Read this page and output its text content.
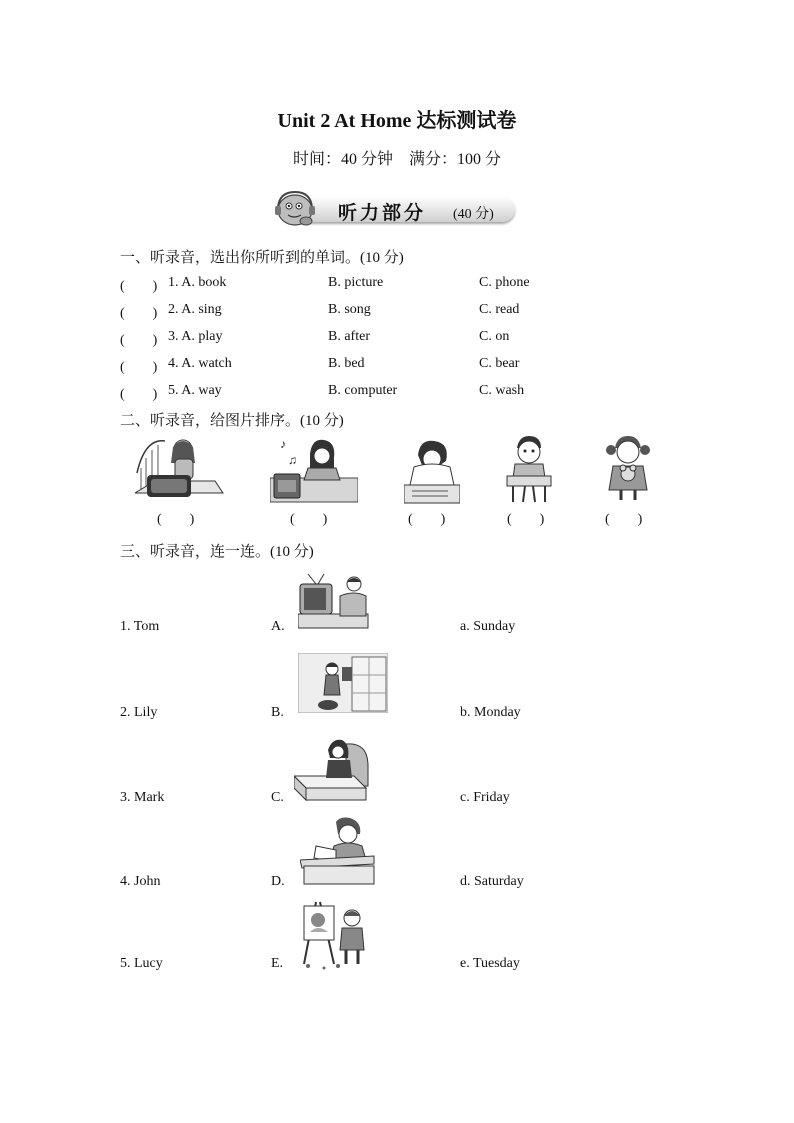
Unit 2 At Home 达标测试卷
时间：40 分钟　满分：100 分
听力部分 (40 分)
一、听录音，选出你所听到的单词。(10 分)
(　　) 1. A. book	B. picture	C. phone
(　　) 2. A. sing	B. song	C. read
(　　) 3. A. play	B. after	C. on
(　　) 4. A. watch	B. bed	C. bear
(　　) 5. A. way	B. computer	C. wash
二、听录音，给图片排序。(10 分)
(　　)
♪
♫
(　　)	(　　)	(　　)	(　　)
三、听录音，连一连。(10 分)
1. Tom	A.	a. Sunday
2. Lily	B.	b. Monday
3. Mark	C.	c. Friday
4. John	D.	d. Saturday
5. Lucy	E.	e. Tuesday
